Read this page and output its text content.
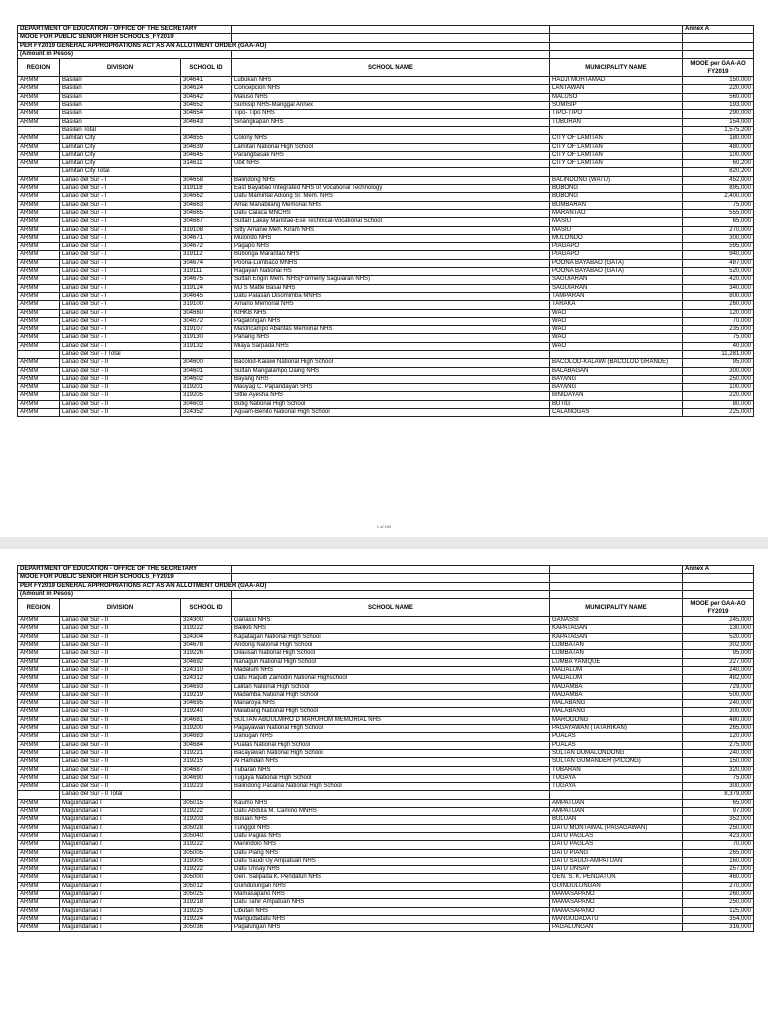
DEPARTMENT OF EDUCATION - OFFICE OF THE SECRETARY					Annex A
MOOE FOR PUBLIC SENIOR HIGH SCHOOLS_FY2019					
PER FY2019 GENERAL APPROPRIATIONS ACT AS AN ALLOTMENT ORDER (GAA-AO)					
(Amount in Pesos)					
REGION	DIVISION	SCHOOL ID	SCHOOL NAME	MUNICIPALITY NAME	MOOE per GAA-AO FY2019
ARMM	Basilan	304641	Lubukan NHS	HADJI MUHTAMAD	150,000
ARMM	Basilan	304624	Concepcion NHS	LANTAWAN	220,000
ARMM	Basilan	304642	Maluso NHS	MALUSO	560,000
ARMM	Basilan	304652	Sumisip NHS-Manggal Annex	SUMISIP	193,000
ARMM	Basilan	304654	Tipo- Tipo NHS	TIPO-TIPO	290,000
ARMM	Basilan	304643	Sinangkapan NHS	TUBURAN	154,000
	Basilan Total				1,575,200
ARMM	Lamitan City	304655	Colony NHS	CITY OF LAMITAN	180,000
ARMM	Lamitan City	304639	Lamitan National High School	CITY OF LAMITAN	480,000
ARMM	Lamitan City	304645	Parangbasak NHS	CITY OF LAMITAN	100,000
ARMM	Lamitan City	314611	Ubit NHS	CITY OF LAMITAN	60,200
	Lamitan City Total				820,200
ARMM	Lanao del Sur - I	304658	Balindong NHS	BALINDONG (WATU)	452,000
ARMM	Lanao del Sur - I	319118	East Bayabao Integrated NHS of Vocational Technology	BUBONG	895,000
ARMM	Lanao del Sur - I	304662	Datu Mamintal Adiong Sr. Mem. NHS	BUBONG	2,400,000
ARMM	Lanao del Sur - I	304663	Amai Manabilang Memorial NHS	BUMBARAN	75,000
ARMM	Lanao del Sur - I	304665	Datu Calaca MNCHS	MARANTAO	555,000
ARMM	Lanao del Sur - I	304667	Sultan Lakay Maristae-Ese Technical-Vocational School	MASIU	65,000
ARMM	Lanao del Sur - I	319108	Sitty Amanie Meh. Kiram NHS	MASIU	270,000
ARMM	Lanao del Sur - I	304671	Mulondo NHS	MULONDO	300,000
ARMM	Lanao del Sur - I	304672	Pagapo NHS	PIAGAPO	595,000
ARMM	Lanao del Sur - I	319112	Bubonga Marantao NHS	PIAGAPO	940,000
ARMM	Lanao del Sur - I	304674	Poona-Lumbaco MNHS	POONA BAYABAO (GATA)	487,000
ARMM	Lanao del Sur - I	319111	Ragayan National HS	POONA BAYABAO (GATA)	520,000
ARMM	Lanao del Sur - I	304675	Sultan Engin Mem. NHS(Formerly Saguiaran NHS)	SAGUIARAN	420,000
ARMM	Lanao del Sur - I	319124	MJ S Matte Basai NHS	SAGUIARAN	340,000
ARMM	Lanao del Sur - I	304645	Datu Palasan Disomimba MNHS	TAMPARAN	800,000
ARMM	Lanao del Sur - I	319100	Amano Memorial NHS	TARAKA	260,000
ARMM	Lanao del Sur - I	304660	KIHKB NHS	WAO	120,000
ARMM	Lanao del Sur - I	304672	Pagalongan NHS	WAO	70,000
ARMM	Lanao del Sur - I	319107	Mastricampo Abantas Memorial NHS	WAO	235,000
ARMM	Lanao del Sur - I	319130	Panang NHS	WAO	75,000
ARMM	Lanao del Sur - I	319132	Miaya Sarpada NHS	WAO	40,000
	Lanao del Sur - I Total				11,281,000
ARMM	Lanao del Sur - II	304600	Bacolod-Kalawi National High School	BACOLOD-KALAWI (BACOLOD GRANDE)	95,000
ARMM	Lanao del Sur - II	304601	Sultan Mangalampo Daing NHS	BALABAGAN	300,000
ARMM	Lanao del Sur - II	304602	Bayang NHS	BAYANG	250,000
ARMM	Lanao del Sur - II	319201	Mauyag C. Papandayan SHS	BAYANG	100,000
ARMM	Lanao del Sur - II	319205	Sittie Ayesha NHS	BINIDAYAN	220,000
ARMM	Lanao del Sur - II	304603	Butig National High School	BUTIG	80,000
ARMM	Lanao del Sur - II	324352	Aguam-Benito National High School	CALANOGAS	225,000
1 of 169
DEPARTMENT OF EDUCATION - OFFICE OF THE SECRETARY					Annex A
MOOE FOR PUBLIC SENIOR HIGH SCHOOLS_FY2019					
PER FY2019 GENERAL APPROPRIATIONS ACT AS AN ALLOTMENT ORDER (GAA-AO)					
(Amount in Pesos)					
REGION	DIVISION	SCHOOL ID	SCHOOL NAME	MUNICIPALITY NAME	MOOE per GAA-AO FY2019
ARMM	Lanao del Sur - II	324300	Ganassi NHS	GANASSI	245,000
ARMM	Lanao del Sur - II	319222	Balikib NHS	KAPATAGAN	130,000
ARMM	Lanao del Sur - II	324304	Kapatagan National High School	KAPATAGAN	520,000
ARMM	Lanao del Sur - II	304678	Andong National High School	LUMBATAN	302,000
ARMM	Lanao del Sur - II	319226	Dilausan National High School	LUMBATAN	95,000
ARMM	Lanao del Sur - II	304692	Nanagun National High School	LUMBA YANIQUE	227,000
ARMM	Lanao del Sur - II	324310	Madalum NHS	MADALUM	240,000
ARMM	Lanao del Sur - II	324312	Datu Raquib Zainodin National Highschool	MADALUM	482,000
ARMM	Lanao del Sur - II	304693	Lalitan National High School	MADAMBA	729,000
ARMM	Lanao del Sur - II	319219	Madamba National High School	MADAMBA	500,000
ARMM	Lanao del Sur - II	304695	Manaroya NHS	MALABANG	240,000
ARMM	Lanao del Sur - II	319240	Malabang National High School	MALABANG	300,000
ARMM	Lanao del Sur - II	304681	SULTAN ABDULMIRO D MARUHOM MEMORIAL NHS	MAROGONG	480,000
ARMM	Lanao del Sur - II	319200	Pagayawan National High School	PAGAYAWAN (TATARIKAN)	265,000
ARMM	Lanao del Sur - II	304683	Danugan NHS	PUALAS	120,000
ARMM	Lanao del Sur - II	304684	Pualas National High School	PUALAS	275,000
ARMM	Lanao del Sur - II	319221	Bacayawan National High School	SULTAN DUMALONDONG	240,000
ARMM	Lanao del Sur - II	319215	Al Hamdan NHS	SULTAN GUMANDER (PICONG)	150,000
ARMM	Lanao del Sur - II	304687	Tubaran NHS	TUBARAN	320,000
ARMM	Lanao del Sur - II	304690	Tugaya National High School	TUGAYA	75,000
ARMM	Lanao del Sur - II	319223	Balindong Pacalna National High School	TUGAYA	300,000
	Lanao del Sur - II Total				8,379,000
ARMM	Maguindanao I	305015	Kaumo NHS	AMPATUAN	65,000
ARMM	Maguindanao I	319222	Datu Abdula M. Camino MNHS	AMPATUAN	97,000
ARMM	Maguindanao I	319203	Buluan NHS	BULUAN	352,000
ARMM	Maguindanao I	305028	Tunggol NHS	DATU MONTAWAL (PAGAGAWAN)	250,000
ARMM	Maguindanao I	305040	Datu Paglas NHS	DATU PAGLAS	423,000
ARMM	Maguindanao I	319222	Manindolo NHS	DATU PAGLAS	70,000
ARMM	Maguindanao I	305005	Datu Piang NHS	DATU PIANG	265,000
ARMM	Maguindanao I	319305	Datu Saudi Uy Ampatuan NHS	DATU SAUDI-AMPATUAN	160,000
ARMM	Maguindanao I	319222	Datu Unsay NHS	DATU UNSAY	257,000
ARMM	Maguindanao I	305000	Gen. Salipada K. Pendatun NHS	GEN. S. K. PENDATUN	460,000
ARMM	Maguindanao I	305012	Guindulungan NHS	GUINDULUNGAN	270,000
ARMM	Maguindanao I	305025	Mamasapano NHS	MAMASAPANO	260,000
ARMM	Maguindanao I	319218	Datu Tahir Ampatuan NHS	MAMASAPANO	250,000
ARMM	Maguindanao I	319225	Libutan NHS	MAMASAPANO	125,000
ARMM	Maguindanao I	319224	Mangudadatu NHS	MANGUDADATU	354,000
ARMM	Maguindanao I	305036	Pagalungan NHS	PAGALUNGAN	316,000
